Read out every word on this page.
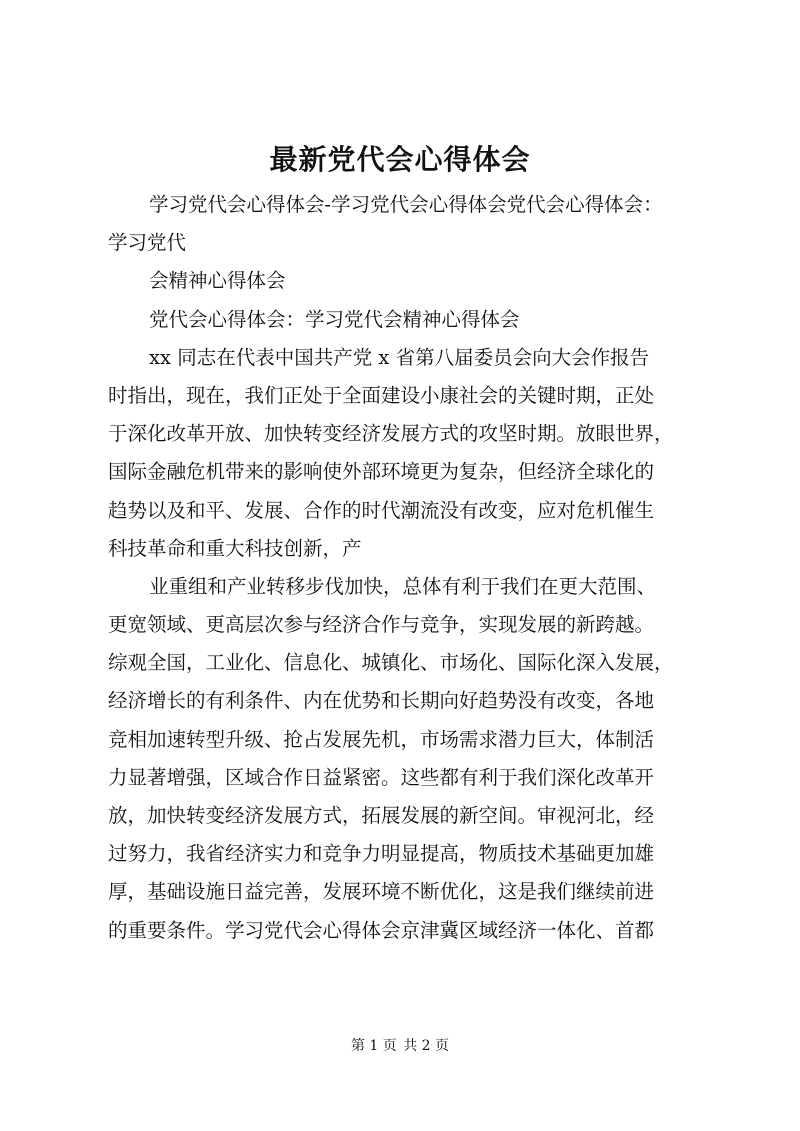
最新党代会心得体会
学习党代会心得体会-学习党代会心得体会党代会心得体会：
学习党代
会精神心得体会
党代会心得体会：学习党代会精神心得体会
xx 同志在代表中国共产党 x 省第八届委员会向大会作报告
时指出，现在，我们正处于全面建设小康社会的关键时期，正处
于深化改革开放、加快转变经济发展方式的攻坚时期。放眼世界，
国际金融危机带来的影响使外部环境更为复杂，但经济全球化的
趋势以及和平、发展、合作的时代潮流没有改变，应对危机催生
科技革命和重大科技创新，产
业重组和产业转移步伐加快，总体有利于我们在更大范围、
更宽领域、更高层次参与经济合作与竞争，实现发展的新跨越。
综观全国，工业化、信息化、城镇化、市场化、国际化深入发展，
经济增长的有利条件、内在优势和长期向好趋势没有改变，各地
竞相加速转型升级、抢占发展先机，市场需求潜力巨大，体制活
力显著增强，区域合作日益紧密。这些都有利于我们深化改革开
放，加快转变经济发展方式，拓展发展的新空间。审视河北，经
过努力，我省经济实力和竞争力明显提高，物质技术基础更加雄
厚，基础设施日益完善，发展环境不断优化，这是我们继续前进
的重要条件。学习党代会心得体会京津冀区域经济一体化、首都
第 1 页 共 2 页
